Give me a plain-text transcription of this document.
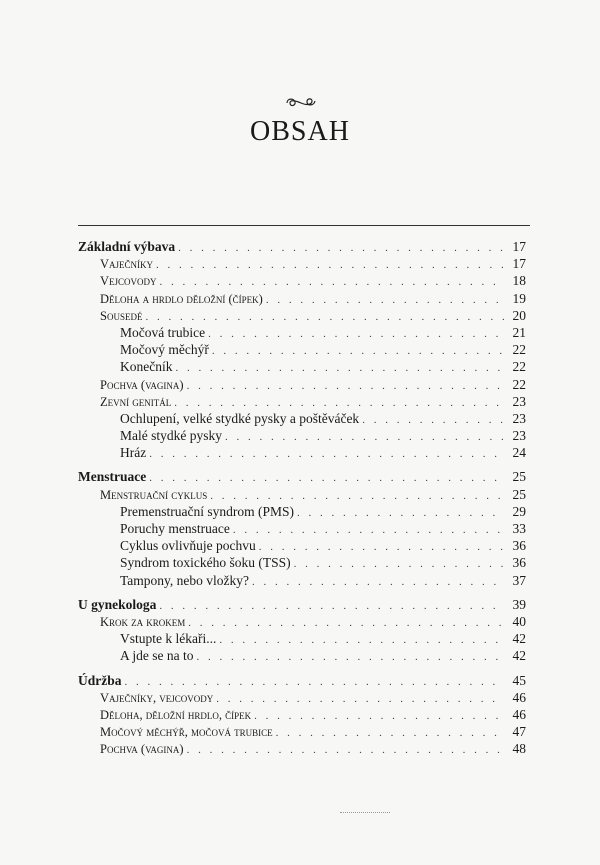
OBSAH
Základní výbava . . .	17
Vaječníky . . .	17
Vejcovody . . .	18
Děloha a hrdlo děložní (čípek) . . .	19
Sousedé . . .	20
Močová trubice . . .	21
Močový měchýř . . .	22
Konečník . . .	22
Pochva (vagina) . . .	22
Zevní genitál . . .	23
Ochlupení, velké stydké pysky a poštěváček . . .	23
Malé stydké pysky . . .	23
Hráz . . .	24
Menstruace . . .	25
Menstruační cyklus . . .	25
Premenstruační syndrom (PMS) . . .	29
Poruchy menstruace . . .	33
Cyklus ovlivňuje pochvu . . .	36
Syndrom toxického šoku (TSS) . . .	36
Tampony, nebo vložky? . . .	37
U gynekologa . . .	39
Krok za krokem . . .	40
Vstupte k lékaři... . . .	42
A jde se na to . . .	42
Údržba . . .	45
Vaječníky, vejcovody . . .	46
Děloha, děložní hrdlo, čípek . . .	46
Močový měchýř, močová trubice . . .	47
Pochva (vagina) . . .	48
